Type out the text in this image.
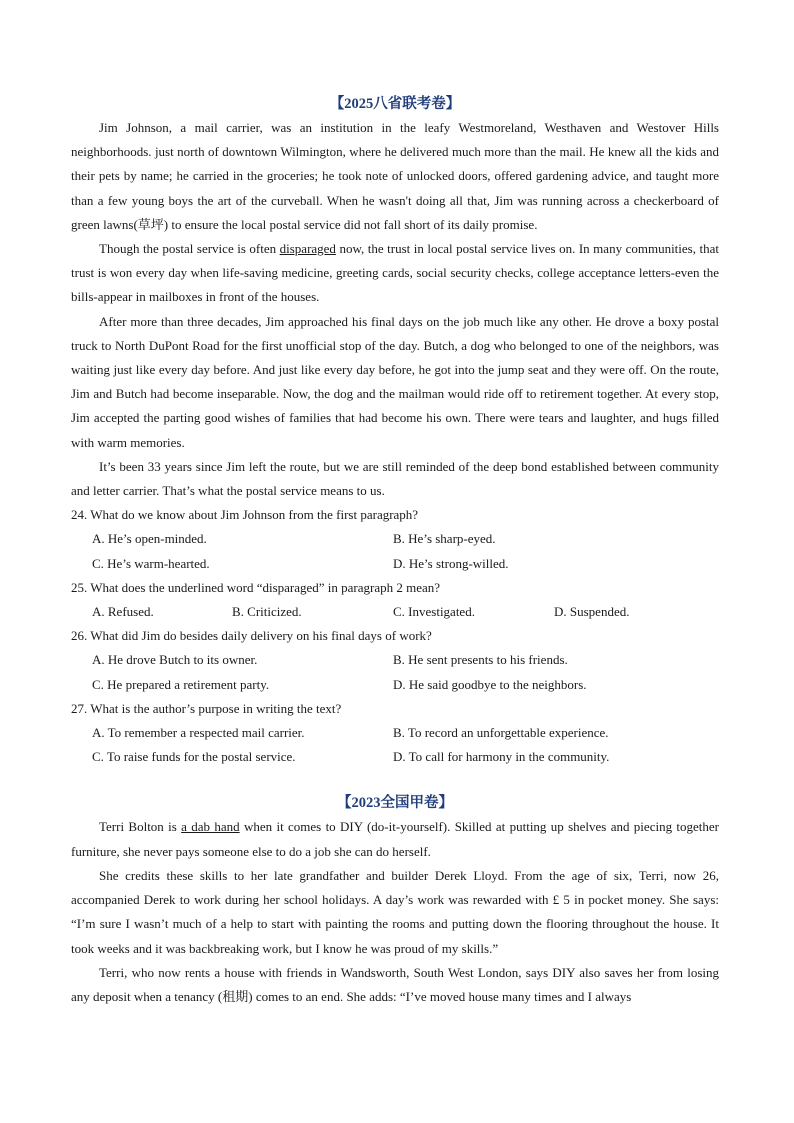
【2025八省联考卷】

Jim Johnson, a mail carrier, was an institution in the leafy Westmoreland, Westhaven and Westover Hills neighborhoods. just north of downtown Wilmington, where he delivered much more than the mail. He knew all the kids and their pets by name; he carried in the groceries; he took note of unlocked doors, offered gardening advice, and taught more than a few young boys the art of the curveball. When he wasn't doing all that, Jim was running across a checkerboard of green lawns(草坪) to ensure the local postal service did not fall short of its daily promise.

Though the postal service is often disparaged now, the trust in local postal service lives on. In many communities, that trust is won every day when life-saving medicine, greeting cards, social security checks, college acceptance letters-even the bills-appear in mailboxes in front of the houses.

After more than three decades, Jim approached his final days on the job much like any other. He drove a boxy postal truck to North DuPont Road for the first unofficial stop of the day. Butch, a dog who belonged to one of the neighbors, was waiting just like every day before. And just like every day before, he got into the jump seat and they were off. On the route, Jim and Butch had become inseparable. Now, the dog and the mailman would ride off to retirement together. At every stop, Jim accepted the parting good wishes of families that had become his own. There were tears and laughter, and hugs filled with warm memories.

It’s been 33 years since Jim left the route, but we are still reminded of the deep bond established between community and letter carrier. That’s what the postal service means to us.

24. What do we know about Jim Johnson from the first paragraph?

A. He’s open-minded.	B. He’s sharp-eyed.
C. He’s warm-hearted.	D. He’s strong-willed.

25. What does the underlined word “disparaged” in paragraph 2 mean?

A. Refused.	B. Criticized.	C. Investigated.	D. Suspended.

26. What did Jim do besides daily delivery on his final days of work?

A. He drove Butch to its owner.	B. He sent presents to his friends.
C. He prepared a retirement party.	D. He said goodbye to the neighbors.

27. What is the author’s purpose in writing the text?

A. To remember a respected mail carrier.	B. To record an unforgettable experience.
C. To raise funds for the postal service.	D. To call for harmony in the community.
【2023全国甲卷】

Terri Bolton is a dab hand when it comes to DIY (do-it-yourself). Skilled at putting up shelves and piecing together furniture, she never pays someone else to do a job she can do herself.

She credits these skills to her late grandfather and builder Derek Lloyd. From the age of six, Terri, now 26, accompanied Derek to work during her school holidays. A day’s work was rewarded with £ 5 in pocket money. She says: “I’m sure I wasn’t much of a help to start with painting the rooms and putting down the flooring throughout the house. It took weeks and it was backbreaking work, but I know he was proud of my skills.”

Terri, who now rents a house with friends in Wandsworth, South West London, says DIY also saves her from losing any deposit when a tenancy (租期) comes to an end. She adds: “I’ve moved house many times and I always
